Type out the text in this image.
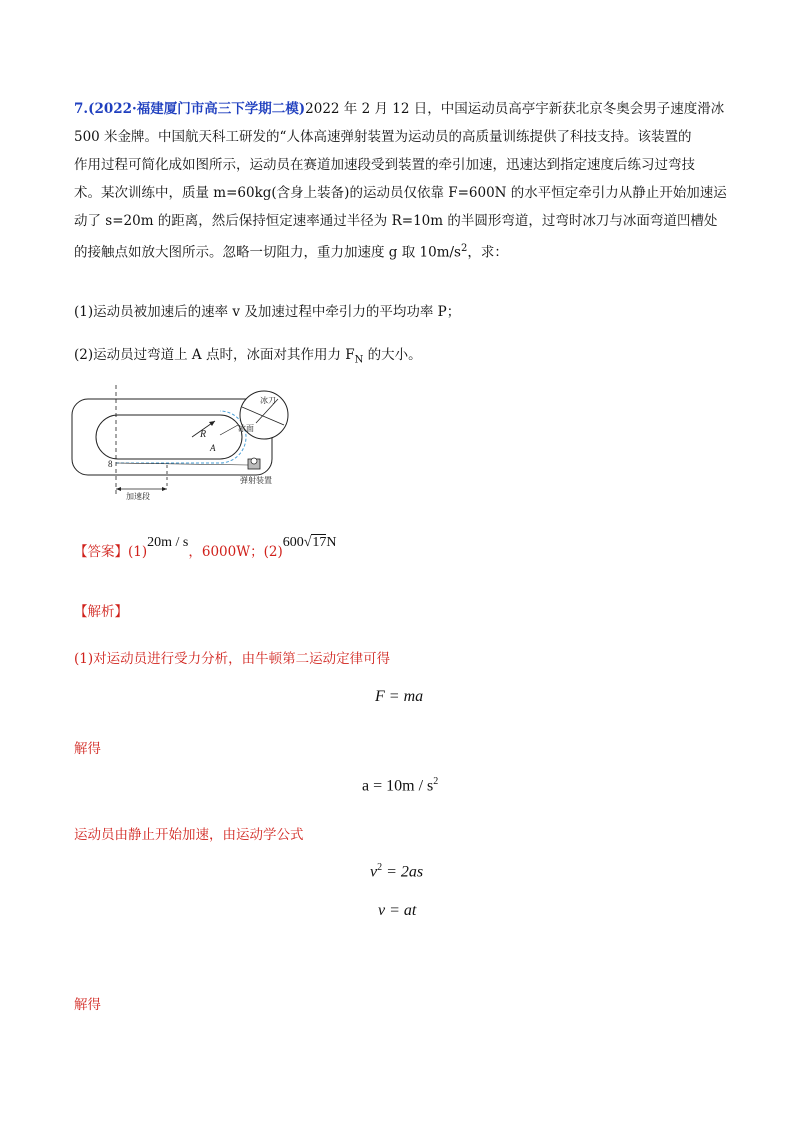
7.(2022·福建厦门市高三下学期二模)2022 年 2 月 12 日，中国运动员高亭宇新获北京冬奥会男子速度滑冰

500 米金牌。中国航天科工研发的“人体高速弹射装置为运动员的高质量训练提供了科技支持。该装置的

作用过程可简化成如图所示，运动员在赛道加速段受到装置的牵引加速，迅速达到指定速度后练习过弯技

术。某次训练中，质量 m=60kg(含身上装备)的运动员仅依靠 F=600N 的水平恒定牵引力从静止开始加速运

动了 s=20m 的距离，然后保持恒定速率通过半径为 R=10m 的半圆形弯道，过弯时冰刀与冰面弯道凹槽处

的接触点如放大图所示。忽略一切阻力，重力加速度 g 取 $10m/s^2$，求：

(1)运动员被加速后的速率 v 及加速过程中牵引力的平均功率 P；
(2)运动员过弯道上 A 点时，冰面对其作用力 $F_N$ 的大小。
R
A
冰刀
冰面
加速段
弹射装置
8
【答案】(1)20m / s，6000W；(2)600√17N
【解析】
(1)对运动员进行受力分析，由牛顿第二运动定律可得
F = ma
解得
$a = 10m / s^2$
运动员由静止开始加速，由运动学公式
$v^2 = 2as$
v = at
解得
